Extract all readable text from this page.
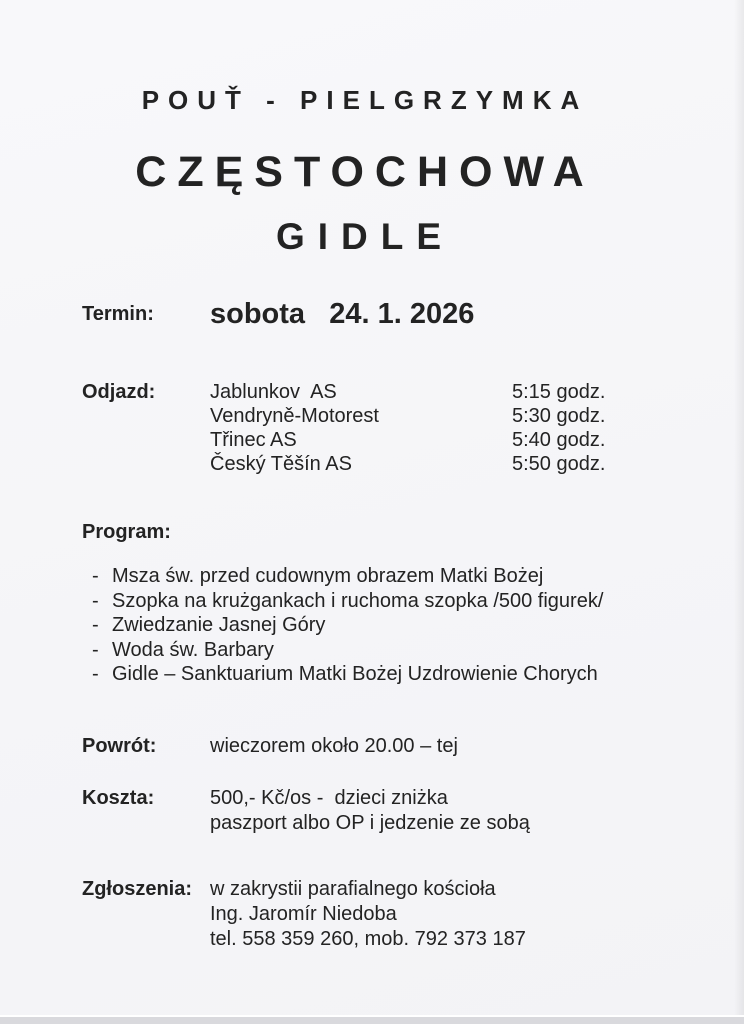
POUŤ - PIELGRZYMKA
CZĘSTOCHOWA
GIDLE
Termin:	sobota   24. 1. 2026
Odjazd:	Jablunkov  AS	5:15 godz.
Vendryně-Motorest	5:30 godz.
Třinec AS	5:40 godz.
Český Těšín AS	5:50 godz.
Program:
- Msza św. przed cudownym obrazem Matki Bożej
- Szopka na krużgankach i ruchoma szopka /500 figurek/
- Zwiedzanie Jasnej Góry
- Woda św. Barbary
- Gidle – Sanktuarium Matki Bożej Uzdrowienie Chorych
Powrót:	wieczorem około 20.00 – tej
Koszta:	500,- Kč/os -  dzieci zniżka
paszport albo OP i jedzenie ze sobą
Zgłoszenia: w zakrystii parafialnego kościoła
Ing. Jaromír Niedoba
tel. 558 359 260, mob. 792 373 187
